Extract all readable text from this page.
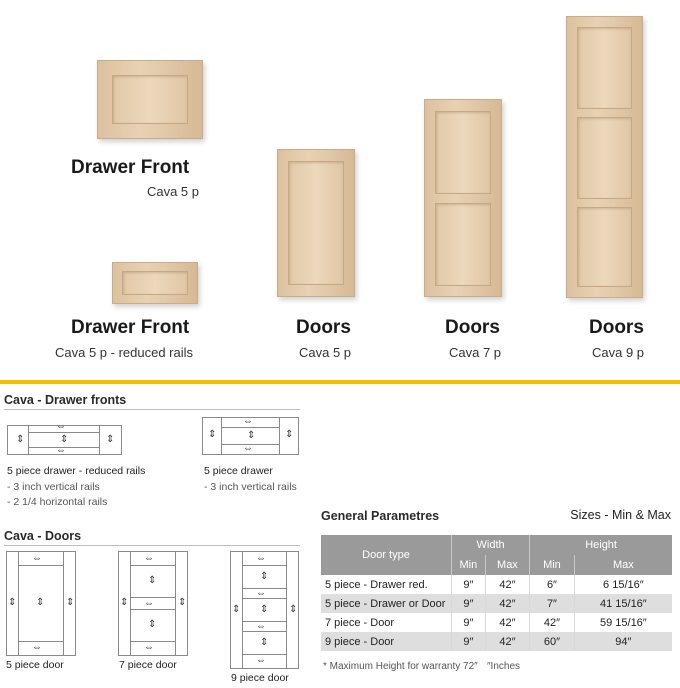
Drawer Front
Cava 5 p
Drawer Front
Cava 5 p - reduced rails
Doors
Cava 5 p
Doors
Cava 7 p
Doors
Cava 9 p
Cava - Drawer fronts
⇕	⇕
⇔
⇕
⇔
5 piece drawer - reduced rails
- 3 inch vertical rails
- 2 1/4 horizontal rails
⇕	⇕
⇔
⇕
⇔
5 piece drawer
- 3 inch vertical rails
Cava - Doors
⇔
⇔
⇕	⇕
⇕
5 piece door
⇔
⇔
⇔
⇕	⇕
⇕
⇕
7 piece door
⇔
⇔
⇔
⇔
⇕	⇕
⇕
⇕
⇕
9 piece door
General Parametres	Sizes - Min & Max
Door type	Width		Height	
	Min	Max	Min	Max
5 piece - Drawer red.	9″	42″	6″	6 15/16″
5 piece - Drawer or Door	9″	42″	7″	41 15/16″
7 piece - Door	9″	42″	42″	59 15/16″
9 piece - Door	9″	42″	60″	94″
* Maximum Height for warranty 72″ ″Inches
